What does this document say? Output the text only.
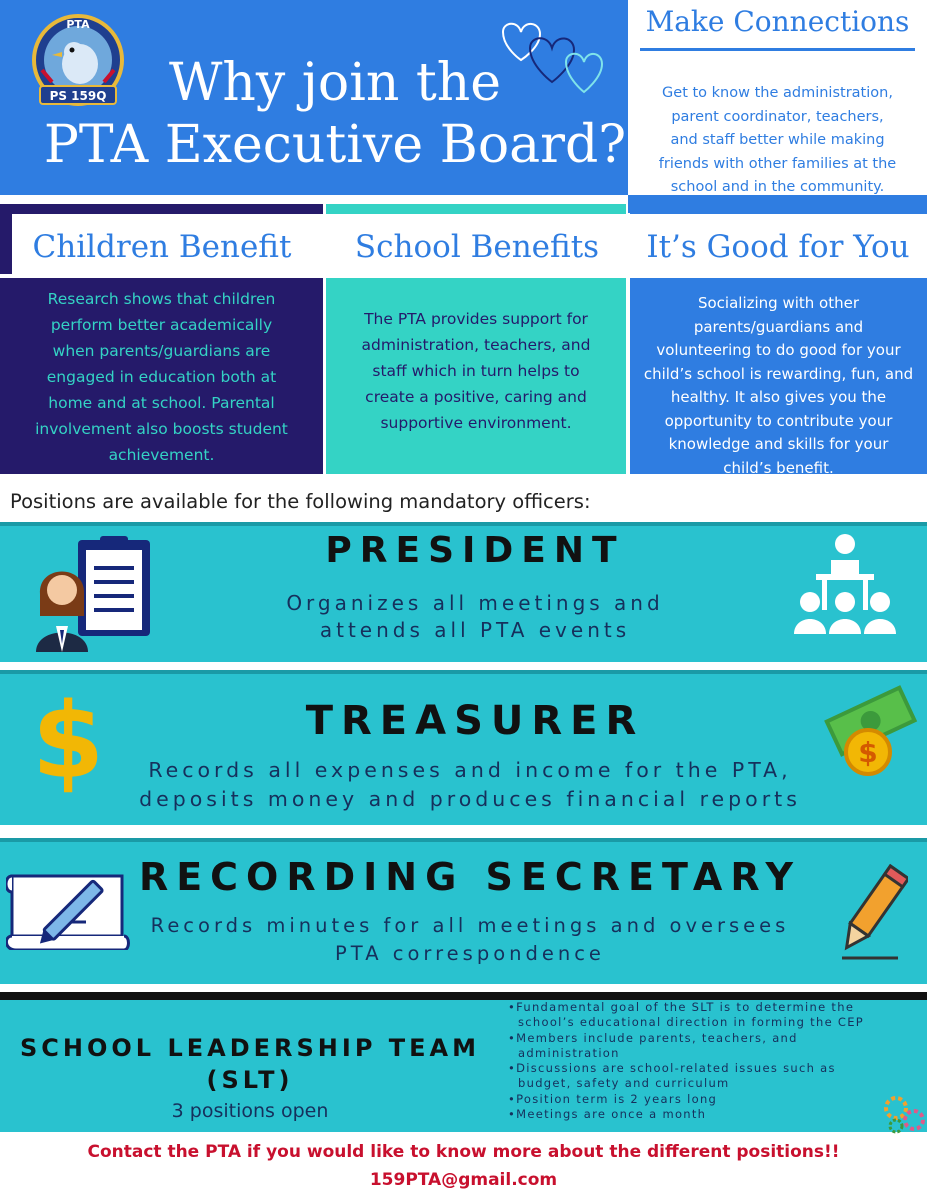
PTA
PS 159Q	Why join the
PTA Executive Board?
Make Connections
Get to know the administration,
parent coordinator, teachers,
and staff better while making
friends with other families at the
school and in the community.
Children Benefit	School Benefits	It’s Good for You
Research shows that children
perform better academically
when parents/guardians are
engaged in education both at
home and at school. Parental
involvement also boosts student
achievement.
The PTA provides support for
administration, teachers, and
staff which in turn helps to
create a positive, caring and
supportive environment.
Socializing with other
parents/guardians and
volunteering to do good for your
child’s school is rewarding, fun, and
healthy. It also gives you the
opportunity to contribute your
knowledge and skills for your
child’s benefit.
Positions are available for the following mandatory officers:
PRESIDENT
Organizes all meetings and
attends all PTA events
$	TREASURER
Records all expenses and income for the PTA,
deposits money and produces financial reports
$
RECORDING SECRETARY
Records minutes for all meetings and oversees
PTA correspondence
SCHOOL LEADERSHIP TEAM
(SLT)
3 positions open
• Fundamental goal of the SLT is to determine the
school’s educational direction in forming the CEP
• Members include parents, teachers, and
administration
• Discussions are school-related issues such as
budget, safety and curriculum
• Position term is 2 years long
• Meetings are once a month
Contact the PTA if you would like to know more about the different positions!!
159PTA@gmail.com
